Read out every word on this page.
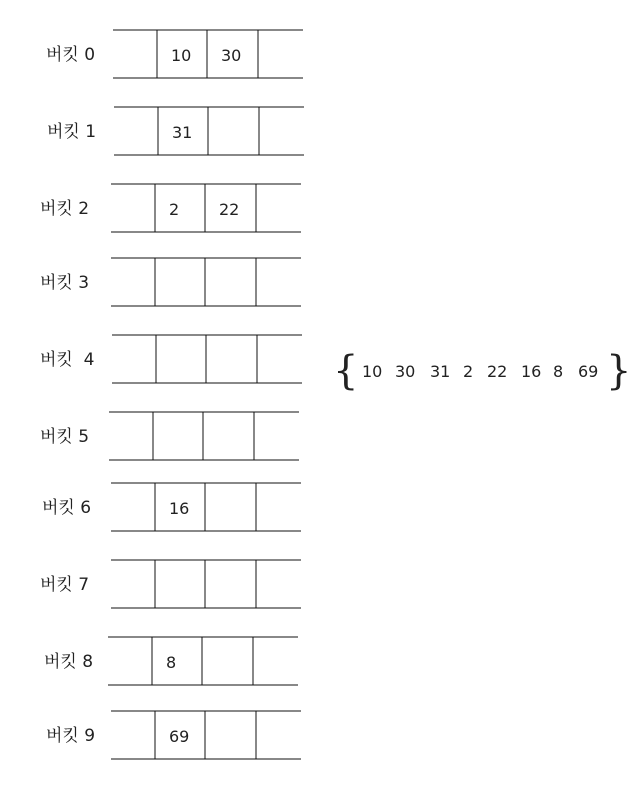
버킷 0	10 30
버킷 1	31
버킷 2	2 22
버킷 3
버킷  4
버킷 5
버킷 6	16
버킷 7
버킷 8	8
버킷 9	69
{ 10 30 31 2 22 16 8 69 }
